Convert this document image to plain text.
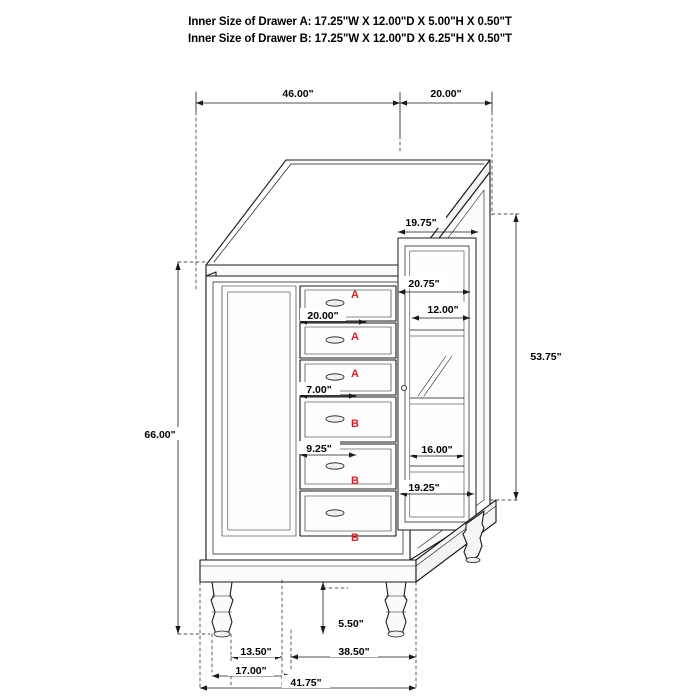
Inner Size of Drawer A: 17.25"W X 12.00"D X 5.00"H X 0.50"T
Inner Size of Drawer B: 17.25"W X 12.00"D X 6.25"H X 0.50"T
46.00"	20.00"
19.75"
66.00"
53.75"
20.75"
12.00"
20.00"
7.00"
9.25"	16.00"
19.25"
5.50"
13.50"	38.50"
17.00"
41.75"
A
A
A
B
B
B
